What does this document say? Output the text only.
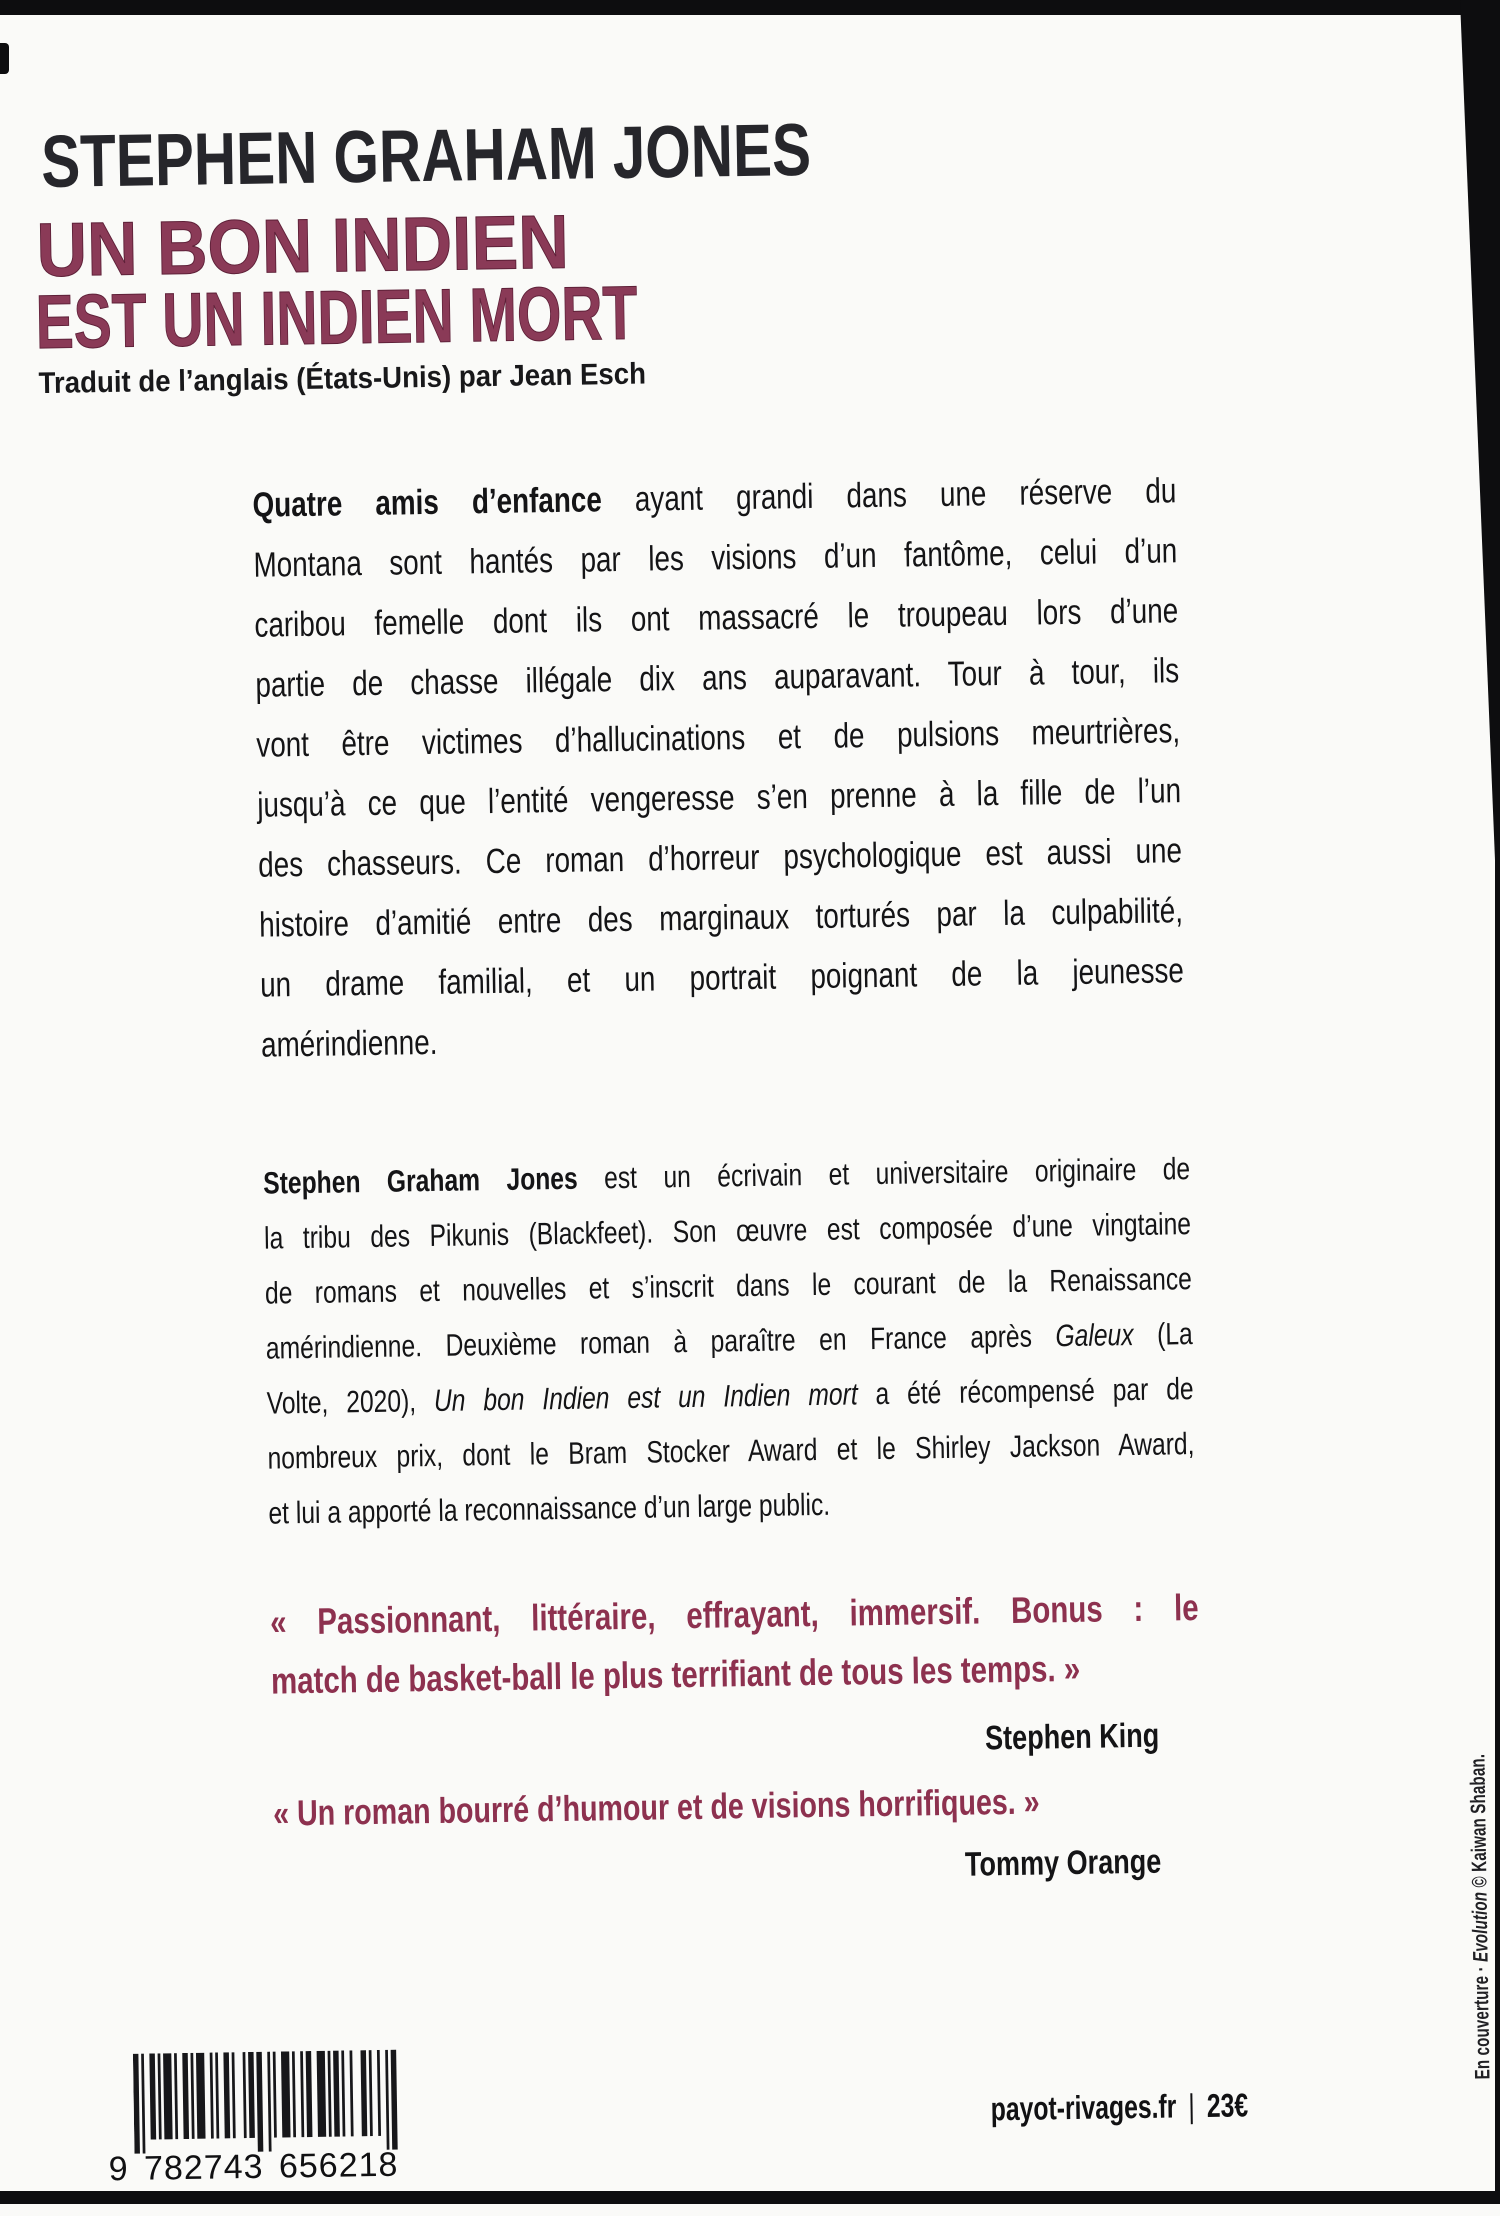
STEPHEN GRAHAM JONES
UN BON INDIEN
EST UN INDIEN MORT

Traduit de l’anglais (États-Unis) par Jean Esch

Quatre amis d’enfance ayant grandi dans une réserve du
Montana sont hantés par les visions d’un fantôme, celui d’un
caribou femelle dont ils ont massacré le troupeau lors d’une
partie de chasse illégale dix ans auparavant. Tour à tour, ils
vont être victimes d’hallucinations et de pulsions meurtrières,
jusqu’à ce que l’entité vengeresse s’en prenne à la fille de l’un
des chasseurs. Ce roman d’horreur psychologique est aussi une
histoire d’amitié entre des marginaux torturés par la culpabilité,
un drame familial, et un portrait poignant de la jeunesse
amérindienne.
Stephen Graham Jones est un écrivain et universitaire originaire de
la tribu des Pikunis (Blackfeet). Son œuvre est composée d’une vingtaine
de romans et nouvelles et s’inscrit dans le courant de la Renaissance
amérindienne. Deuxième roman à paraître en France après Galeux (La
Volte, 2020), Un bon Indien est un Indien mort a été récompensé par de
nombreux prix, dont le Bram Stocker Award et le Shirley Jackson Award,
et lui a apporté la reconnaissance d’un large public.
« Passionnant, littéraire, effrayant, immersif. Bonus : le
match de basket-ball le plus terrifiant de tous les temps. »
Stephen King
« Un roman bourré d’humour et de visions horrifiques. »
Tommy Orange
9 782743 656218
payot-rivages.fr | 23€
En couverture · Evolution © Kaiwan Shaban.
